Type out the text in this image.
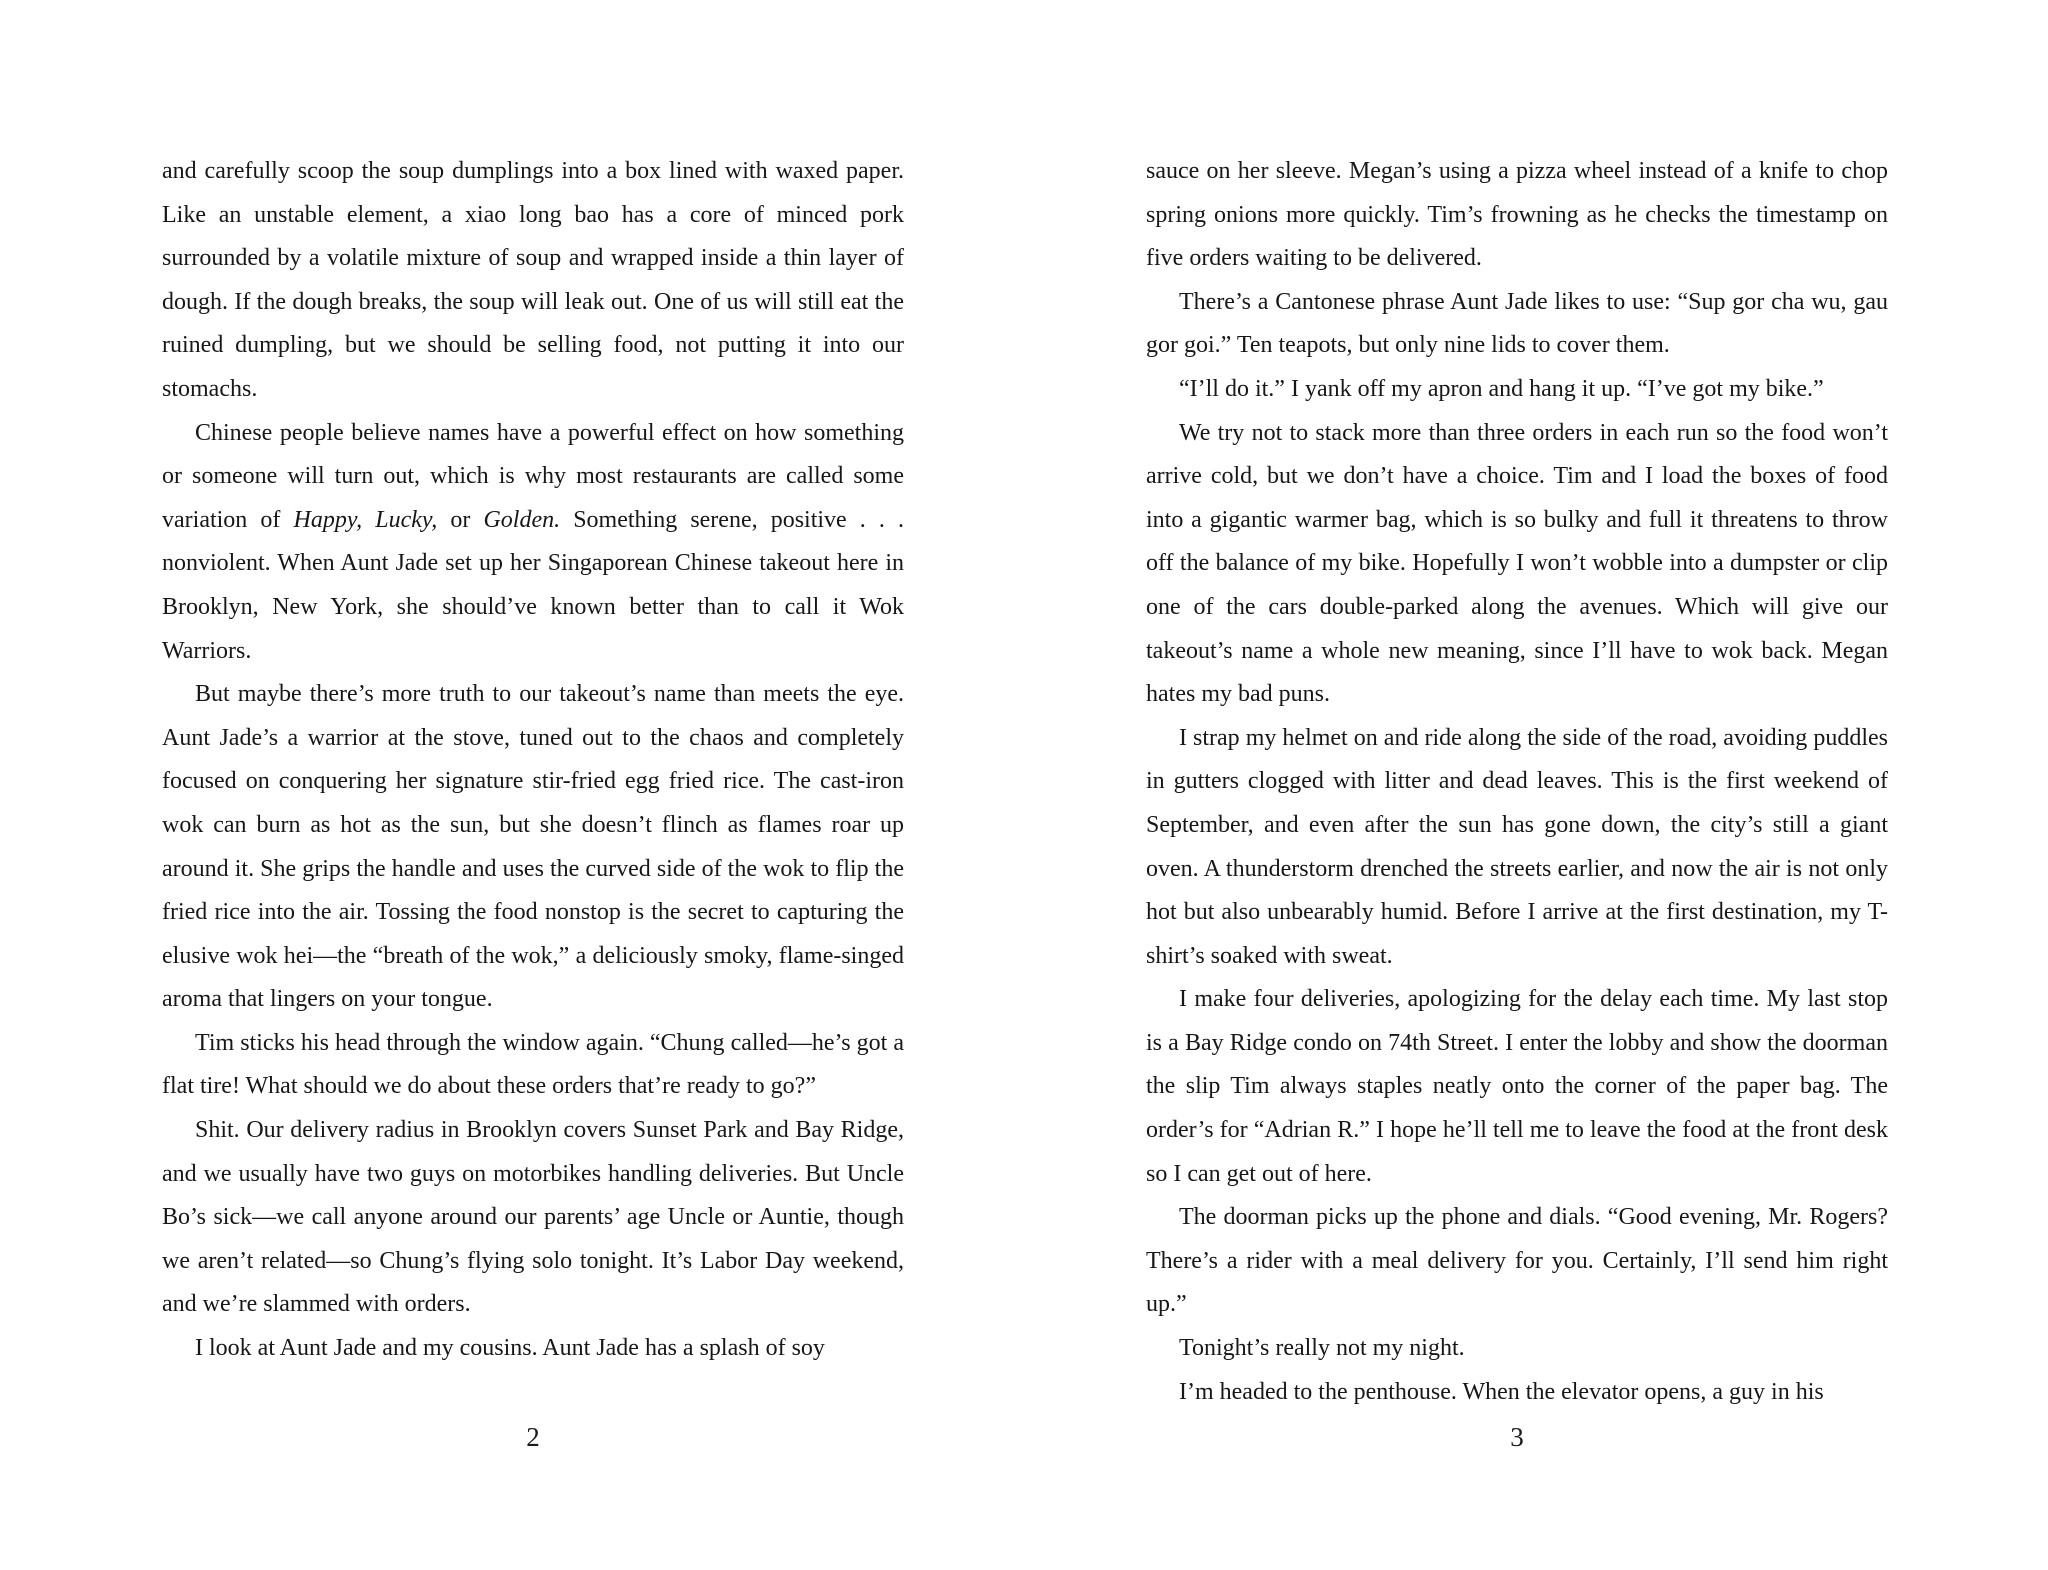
and carefully scoop the soup dumplings into a box lined with waxed paper. Like an unstable element, a xiao long bao has a core of minced pork surrounded by a volatile mixture of soup and wrapped inside a thin layer of dough. If the dough breaks, the soup will leak out. One of us will still eat the ruined dumpling, but we should be selling food, not putting it into our stomachs.

Chinese people believe names have a powerful effect on how something or someone will turn out, which is why most restaurants are called some variation of Happy, Lucky, or Golden. Something serene, positive . . . nonviolent. When Aunt Jade set up her Singaporean Chinese takeout here in Brooklyn, New York, she should’ve known better than to call it Wok Warriors.

But maybe there’s more truth to our takeout’s name than meets the eye. Aunt Jade’s a warrior at the stove, tuned out to the chaos and completely focused on conquering her signature stir-fried egg fried rice. The cast-iron wok can burn as hot as the sun, but she doesn’t flinch as flames roar up around it. She grips the handle and uses the curved side of the wok to flip the fried rice into the air. Tossing the food nonstop is the secret to capturing the elusive wok hei—the “breath of the wok,” a deliciously smoky, flame-singed aroma that lingers on your tongue.

Tim sticks his head through the window again. “Chung called—he’s got a flat tire! What should we do about these orders that’re ready to go?”

Shit. Our delivery radius in Brooklyn covers Sunset Park and Bay Ridge, and we usually have two guys on motorbikes handling deliveries. But Uncle Bo’s sick—we call anyone around our parents’ age Uncle or Auntie, though we aren’t related—so Chung’s flying solo tonight. It’s Labor Day weekend, and we’re slammed with orders.

I look at Aunt Jade and my cousins. Aunt Jade has a splash of soy

2

sauce on her sleeve. Megan’s using a pizza wheel instead of a knife to chop spring onions more quickly. Tim’s frowning as he checks the timestamp on five orders waiting to be delivered.

There’s a Cantonese phrase Aunt Jade likes to use: “Sup gor cha wu, gau gor goi.” Ten teapots, but only nine lids to cover them.

“I’ll do it.” I yank off my apron and hang it up. “I’ve got my bike.”

We try not to stack more than three orders in each run so the food won’t arrive cold, but we don’t have a choice. Tim and I load the boxes of food into a gigantic warmer bag, which is so bulky and full it threatens to throw off the balance of my bike. Hopefully I won’t wobble into a dumpster or clip one of the cars double-parked along the avenues. Which will give our takeout’s name a whole new meaning, since I’ll have to wok back. Megan hates my bad puns.

I strap my helmet on and ride along the side of the road, avoiding puddles in gutters clogged with litter and dead leaves. This is the first weekend of September, and even after the sun has gone down, the city’s still a giant oven. A thunderstorm drenched the streets earlier, and now the air is not only hot but also unbearably humid. Before I arrive at the first destination, my T-shirt’s soaked with sweat.

I make four deliveries, apologizing for the delay each time. My last stop is a Bay Ridge condo on 74th Street. I enter the lobby and show the doorman the slip Tim always staples neatly onto the corner of the paper bag. The order’s for “Adrian R.” I hope he’ll tell me to leave the food at the front desk so I can get out of here.

The doorman picks up the phone and dials. “Good evening, Mr. Rogers? There’s a rider with a meal delivery for you. Certainly, I’ll send him right up.”

Tonight’s really not my night.

I’m headed to the penthouse. When the elevator opens, a guy in his

3
